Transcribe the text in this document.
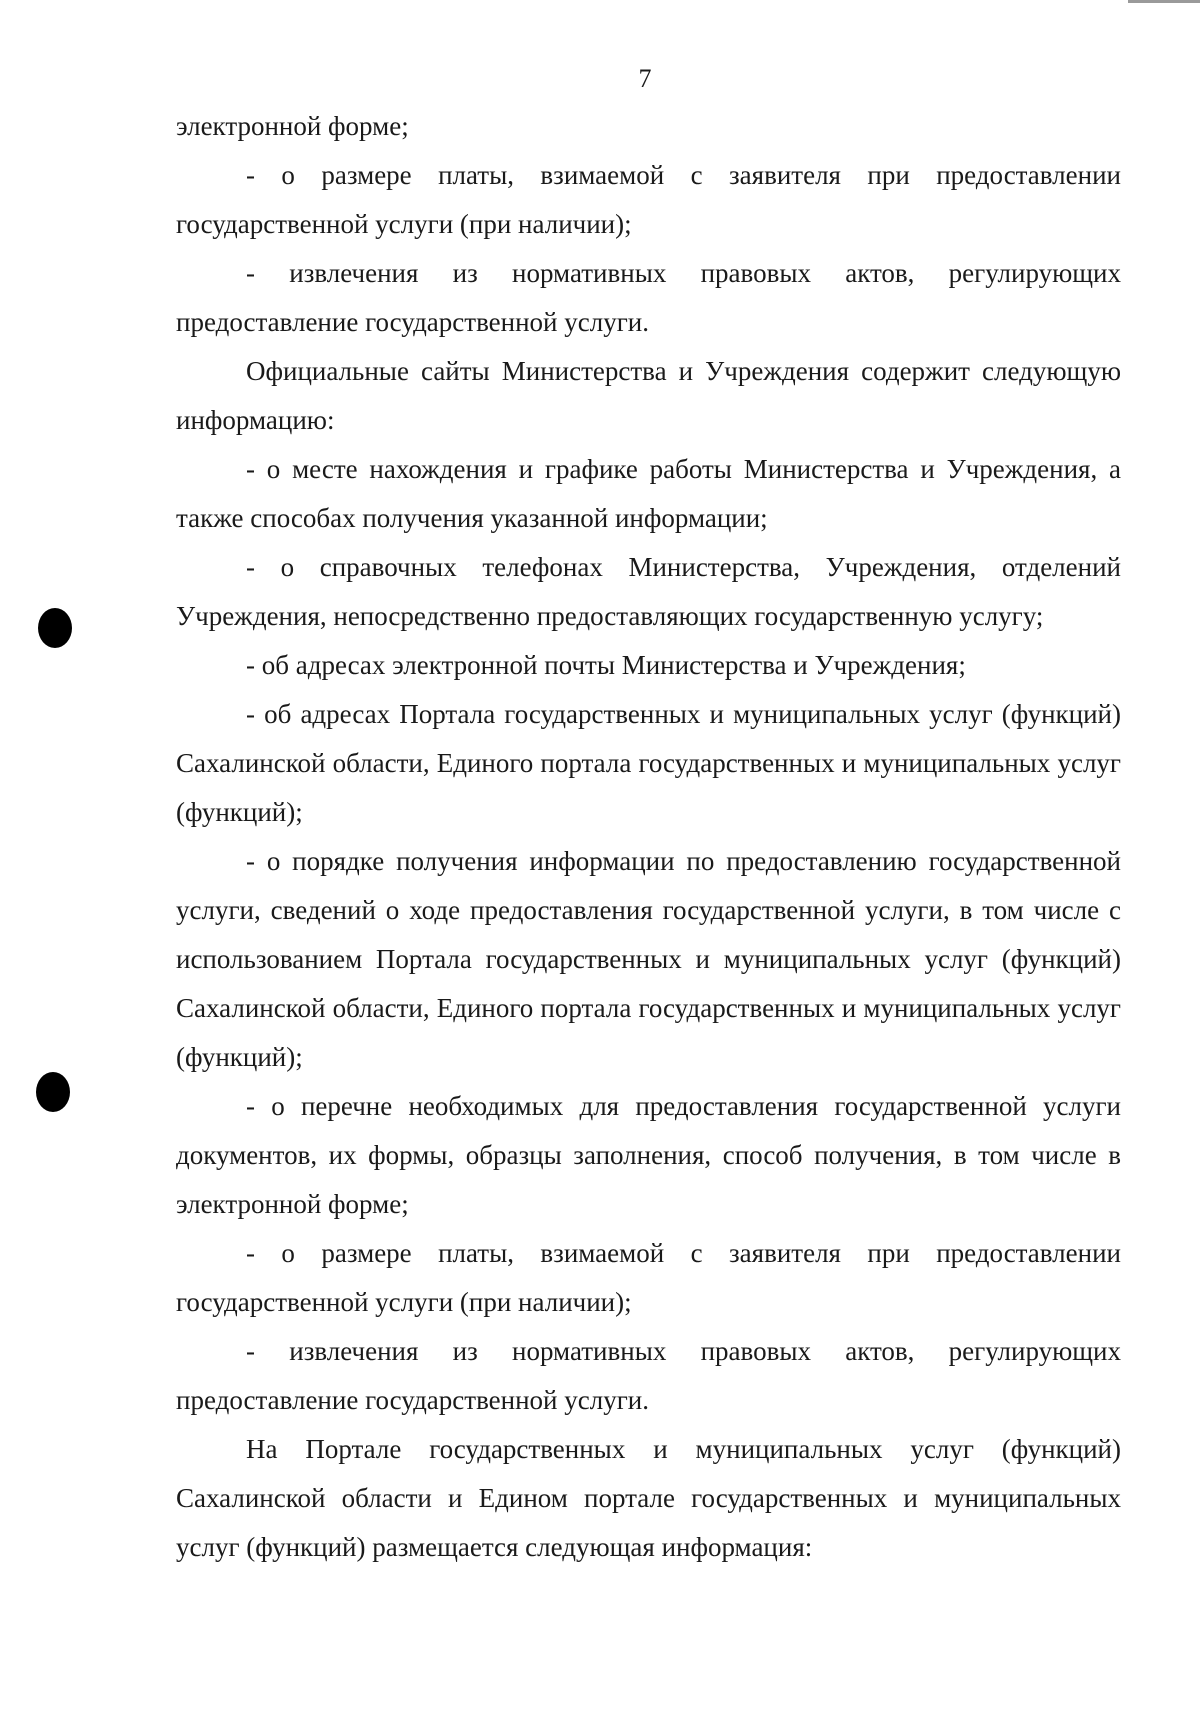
7

электронной форме;

- о размере платы, взимаемой с заявителя при предоставлении государственной услуги (при наличии);

- извлечения из нормативных правовых актов, регулирующих предоставление государственной услуги.

Официальные сайты Министерства и Учреждения содержит следующую информацию:

- о месте нахождения и графике работы Министерства и Учреждения, а также способах получения указанной информации;

- о справочных телефонах Министерства, Учреждения, отделений Учреждения, непосредственно предоставляющих государственную услугу;

- об адресах электронной почты Министерства и Учреждения;

- об адресах Портала государственных и муниципальных услуг (функций) Сахалинской области, Единого портала государственных и муниципальных услуг (функций);

- о порядке получения информации по предоставлению государственной услуги, сведений о ходе предоставления государственной услуги, в том числе с использованием Портала государственных и муниципальных услуг (функций) Сахалинской области, Единого портала государственных и муниципальных услуг (функций);

- о перечне необходимых для предоставления государственной услуги документов, их формы, образцы заполнения, способ получения, в том числе в электронной форме;

- о размере платы, взимаемой с заявителя при предоставлении государственной услуги (при наличии);

- извлечения из нормативных правовых актов, регулирующих предоставление государственной услуги.

На Портале государственных и муниципальных услуг (функций) Сахалинской области и Едином портале государственных и муниципальных услуг (функций) размещается следующая информация:
